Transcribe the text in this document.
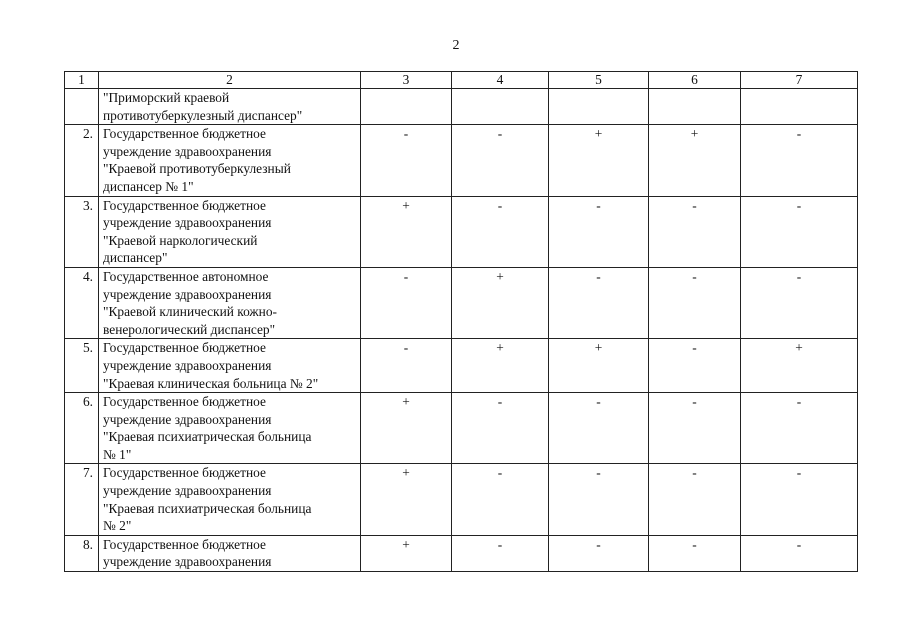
2
1	2	3	4	5	6	7
	"Приморский краевой
противотуберкулезный диспансер"					
2.	Государственное бюджетное
учреждение здравоохранения
"Краевой противотуберкулезный
диспансер № 1"	-	-	+	+	-
3.	Государственное бюджетное
учреждение здравоохранения
"Краевой наркологический
диспансер"	+	-	-	-	-
4.	Государственное автономное
учреждение здравоохранения
"Краевой клинический кожно-
венерологический диспансер"	-	+	-	-	-
5.	Государственное бюджетное
учреждение здравоохранения
"Краевая клиническая больница № 2"	-	+	+	-	+
6.	Государственное бюджетное
учреждение здравоохранения
"Краевая психиатрическая больница
№ 1"	+	-	-	-	-
7.	Государственное бюджетное
учреждение здравоохранения
"Краевая психиатрическая больница
№ 2"	+	-	-	-	-
8.	Государственное бюджетное
учреждение здравоохранения	+	-	-	-	-
